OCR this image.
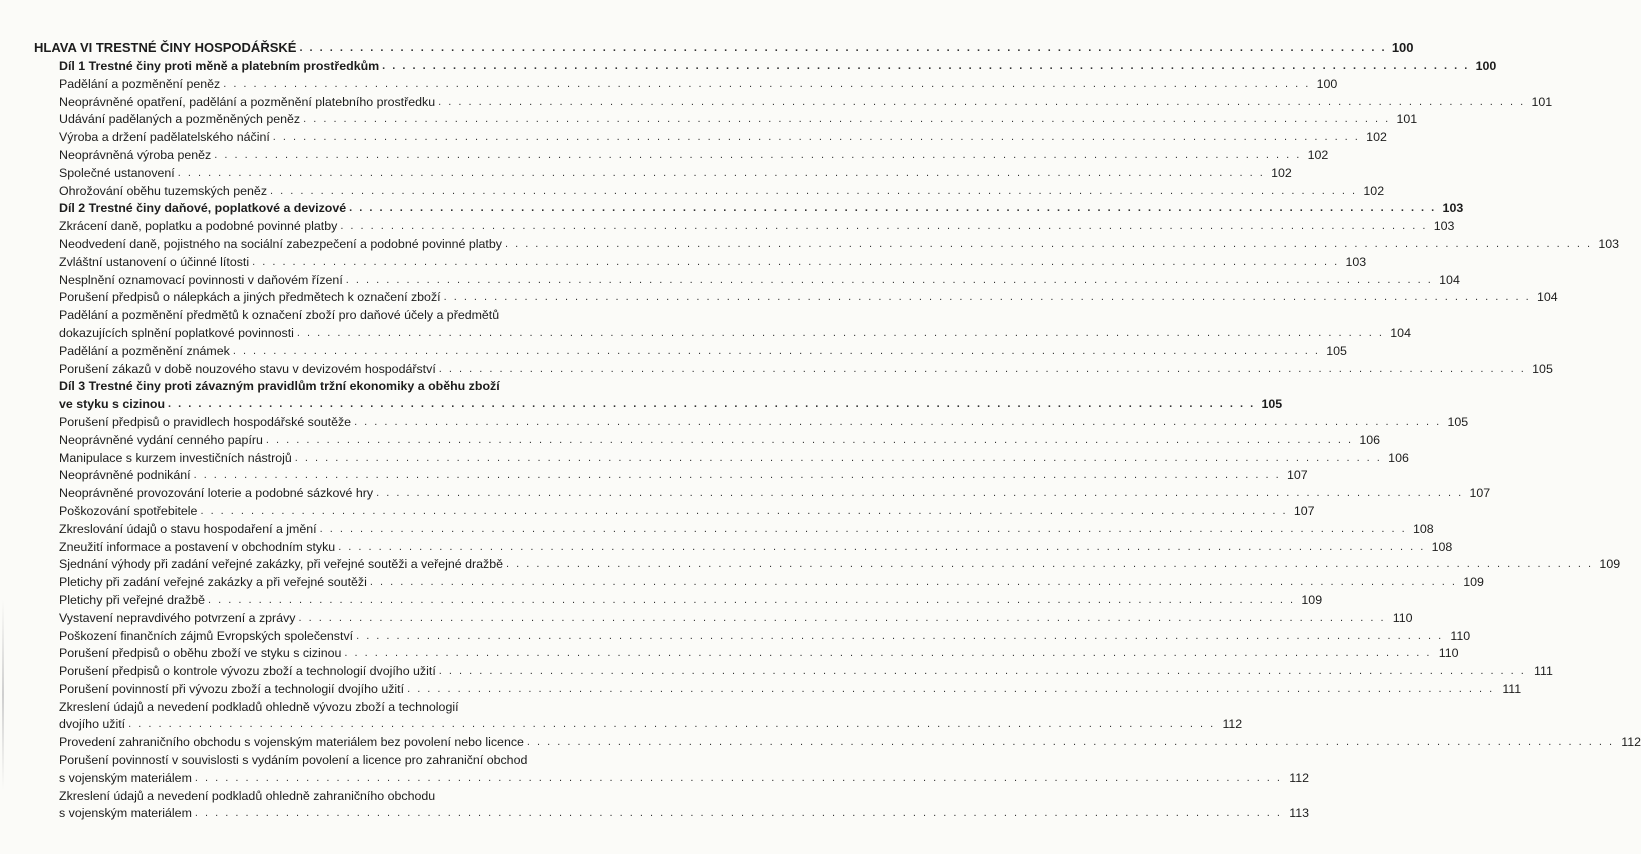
HLAVA VI TRESTNÉ ČINY HOSPODÁŘSKÉ . . .	100
Díl 1 Trestné činy proti měně a platebním prostředkům . . .	100
Padělání a pozměnění peněz . . .	100
Neoprávněné opatření, padělání a pozměnění platebního prostředku . . .	101
Udávání padělaných a pozměněných peněz . . .	101
Výroba a držení padělatelského náčiní . . .	102
Neoprávněná výroba peněz . . .	102
Společné ustanovení . . .	102
Ohrožování oběhu tuzemských peněz . . .	102
Díl 2 Trestné činy daňové, poplatkové a devizové . . .	103
Zkrácení daně, poplatku a podobné povinné platby . . .	103
Neodvedení daně, pojistného na sociální zabezpečení a podobné povinné platby . . .	103
Zvláštní ustanovení o účinné lítosti . . .	103
Nesplnění oznamovací povinnosti v daňovém řízení . . .	104
Porušení předpisů o nálepkách a jiných předmětech k označení zboží . . .	104
Padělání a pozměnění předmětů k označení zboží pro daňové účely a předmětů
dokazujících splnění poplatkové povinnosti . . .	104
Padělání a pozměnění známek . . .	105
Porušení zákazů v době nouzového stavu v devizovém hospodářství . . .	105
Díl 3 Trestné činy proti závazným pravidlům tržní ekonomiky a oběhu zboží
ve styku s cizinou . . .	105
Porušení předpisů o pravidlech hospodářské soutěže . . .	105
Neoprávněné vydání cenného papíru . . .	106
Manipulace s kurzem investičních nástrojů . . .	106
Neoprávněné podnikání . . .	107
Neoprávněné provozování loterie a podobné sázkové hry . . .	107
Poškozování spotřebitele . . .	107
Zkreslování údajů o stavu hospodaření a jmění . . .	108
Zneužití informace a postavení v obchodním styku . . .	108
Sjednání výhody při zadání veřejné zakázky, při veřejné soutěži a veřejné dražbě . . .	109
Pletichy při zadání veřejné zakázky a při veřejné soutěži . . .	109
Pletichy při veřejné dražbě . . .	109
Vystavení nepravdivého potvrzení a zprávy . . .	110
Poškození finančních zájmů Evropských společenství . . .	110
Porušení předpisů o oběhu zboží ve styku s cizinou . . .	110
Porušení předpisů o kontrole vývozu zboží a technologií dvojího užití . . .	111
Porušení povinností při vývozu zboží a technologií dvojího užití . . .	111
Zkreslení údajů a nevedení podkladů ohledně vývozu zboží a technologií
dvojího užití . . .	112
Provedení zahraničního obchodu s vojenským materiálem bez povolení nebo licence . . .	112
Porušení povinností v souvislosti s vydáním povolení a licence pro zahraniční obchod
s vojenským materiálem . . .	112
Zkreslení údajů a nevedení podkladů ohledně zahraničního obchodu
s vojenským materiálem . . .	113
